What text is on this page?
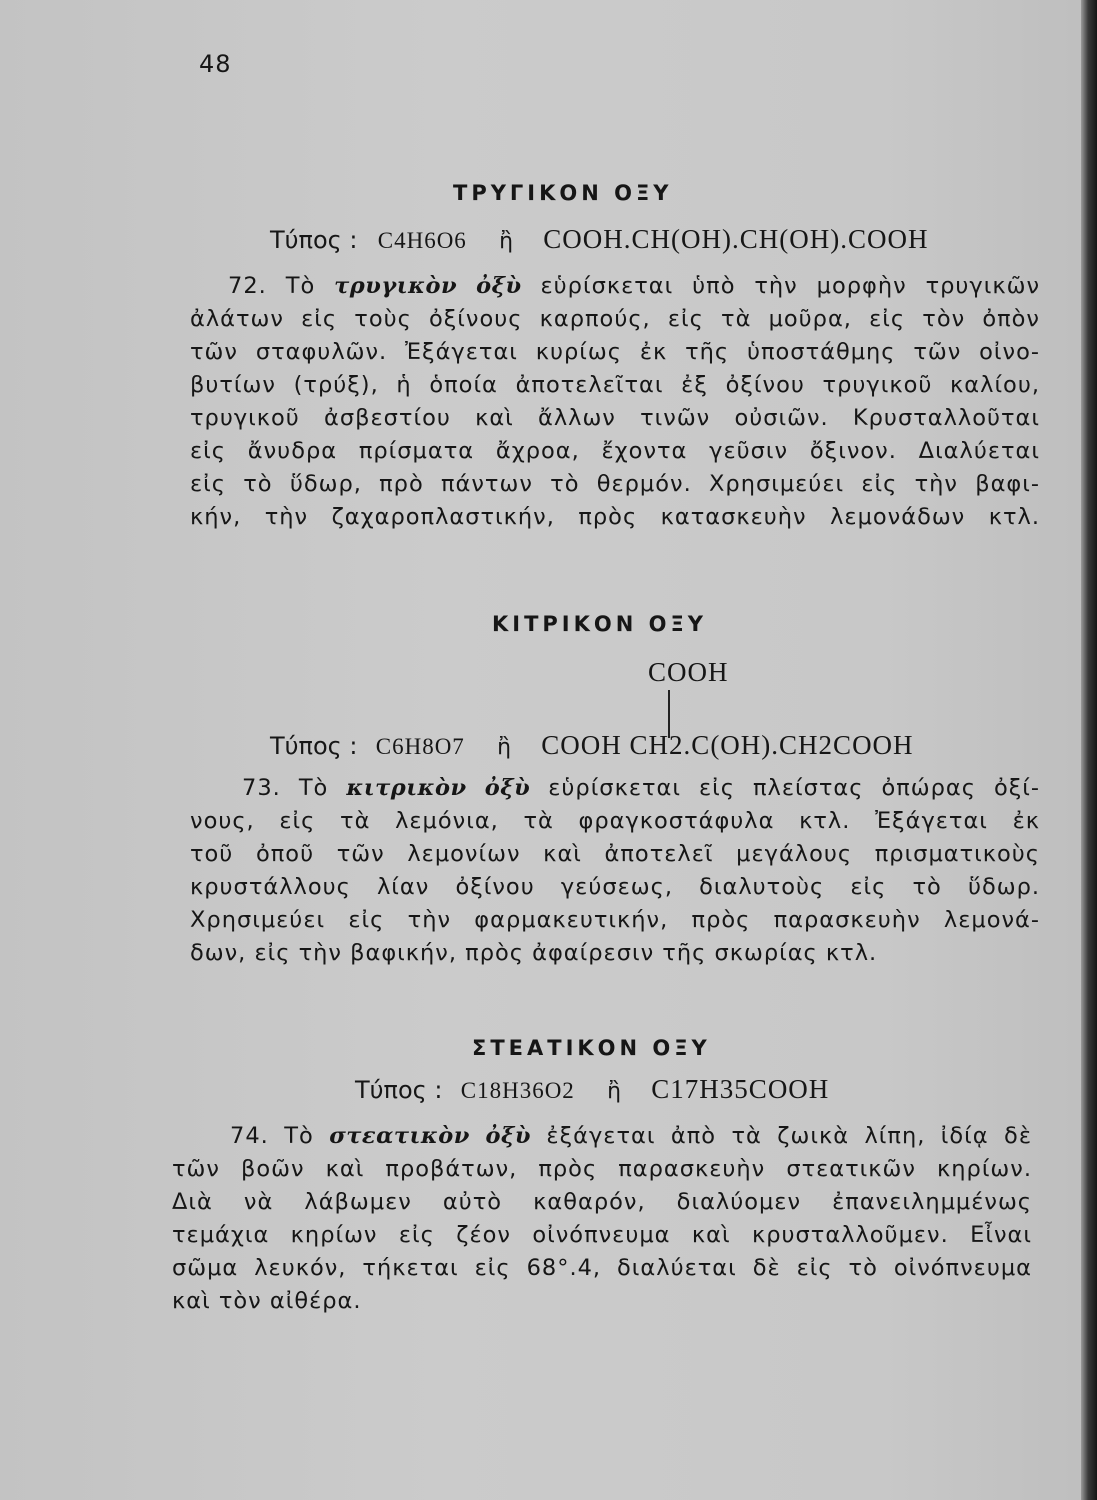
48
ΤΡΥΓΙΚΟΝ ΟΞΥ
Τύπος : C4H6O6 ἢ COOH.CH(OH).CH(OH).COOH
72. Τὸ τρυγικὸν ὀξὺ εὑρίσκεται ὑπὸ τὴν μορφὴν τρυγικῶν
ἀλάτων εἰς τοὺς ὀξίνους καρπούς, εἰς τὰ μοῦρα, εἰς τὸν ὀπὸν
τῶν σταφυλῶν. Ἐξάγεται κυρίως ἐκ τῆς ὑποστάθμης τῶν οἰνο-
βυτίων (τρύξ), ἡ ὁποία ἀποτελεῖται ἐξ ὀξίνου τρυγικοῦ καλίου,
τρυγικοῦ ἀσβεστίου καὶ ἄλλων τινῶν οὐσιῶν. Κρυσταλλοῦται
εἰς ἄνυδρα πρίσματα ἄχροα, ἔχοντα γεῦσιν ὄξινον. Διαλύεται
εἰς τὸ ὕδωρ, πρὸ πάντων τὸ θερμόν. Χρησιμεύει εἰς τὴν βαφι-
κήν, τὴν ζαχαροπλαστικήν, πρὸς κατασκευὴν λεμονάδων κτλ.
ΚΙΤΡΙΚΟΝ ΟΞΥ
COOH
Τύπος : C6H8O7 ἢ COOH CH2.C(OH).CH2COOH
73. Τὸ κιτρικὸν ὀξὺ εὑρίσκεται εἰς πλείστας ὀπώρας ὀξί-
νους, εἰς τὰ λεμόνια, τὰ φραγκοστάφυλα κτλ. Ἐξάγεται ἐκ
τοῦ ὀποῦ τῶν λεμονίων καὶ ἀποτελεῖ μεγάλους πρισματικοὺς
κρυστάλλους λίαν ὀξίνου γεύσεως, διαλυτοὺς εἰς τὸ ὕδωρ.
Χρησιμεύει εἰς τὴν φαρμακευτικήν, πρὸς παρασκευὴν λεμονά-
δων, εἰς τὴν βαφικήν, πρὸς ἀφαίρεσιν τῆς σκωρίας κτλ.
ΣΤΕΑΤΙΚΟΝ ΟΞΥ
Τύπος : C18H36O2 ἢ C17H35COOH
74. Τὸ στεατικὸν ὀξὺ ἐξάγεται ἀπὸ τὰ ζωικὰ λίπη, ἰδίᾳ δὲ
τῶν βοῶν καὶ προβάτων, πρὸς παρασκευὴν στεατικῶν κηρίων.
Διὰ νὰ λάβωμεν αὐτὸ καθαρόν, διαλύομεν ἐπανειλημμένως
τεμάχια κηρίων εἰς ζέον οἰνόπνευμα καὶ κρυσταλλοῦμεν. Εἶναι
σῶμα λευκόν, τήκεται εἰς 68°.4, διαλύεται δὲ εἰς τὸ οἰνόπνευμα
καὶ τὸν αἰθέρα.
